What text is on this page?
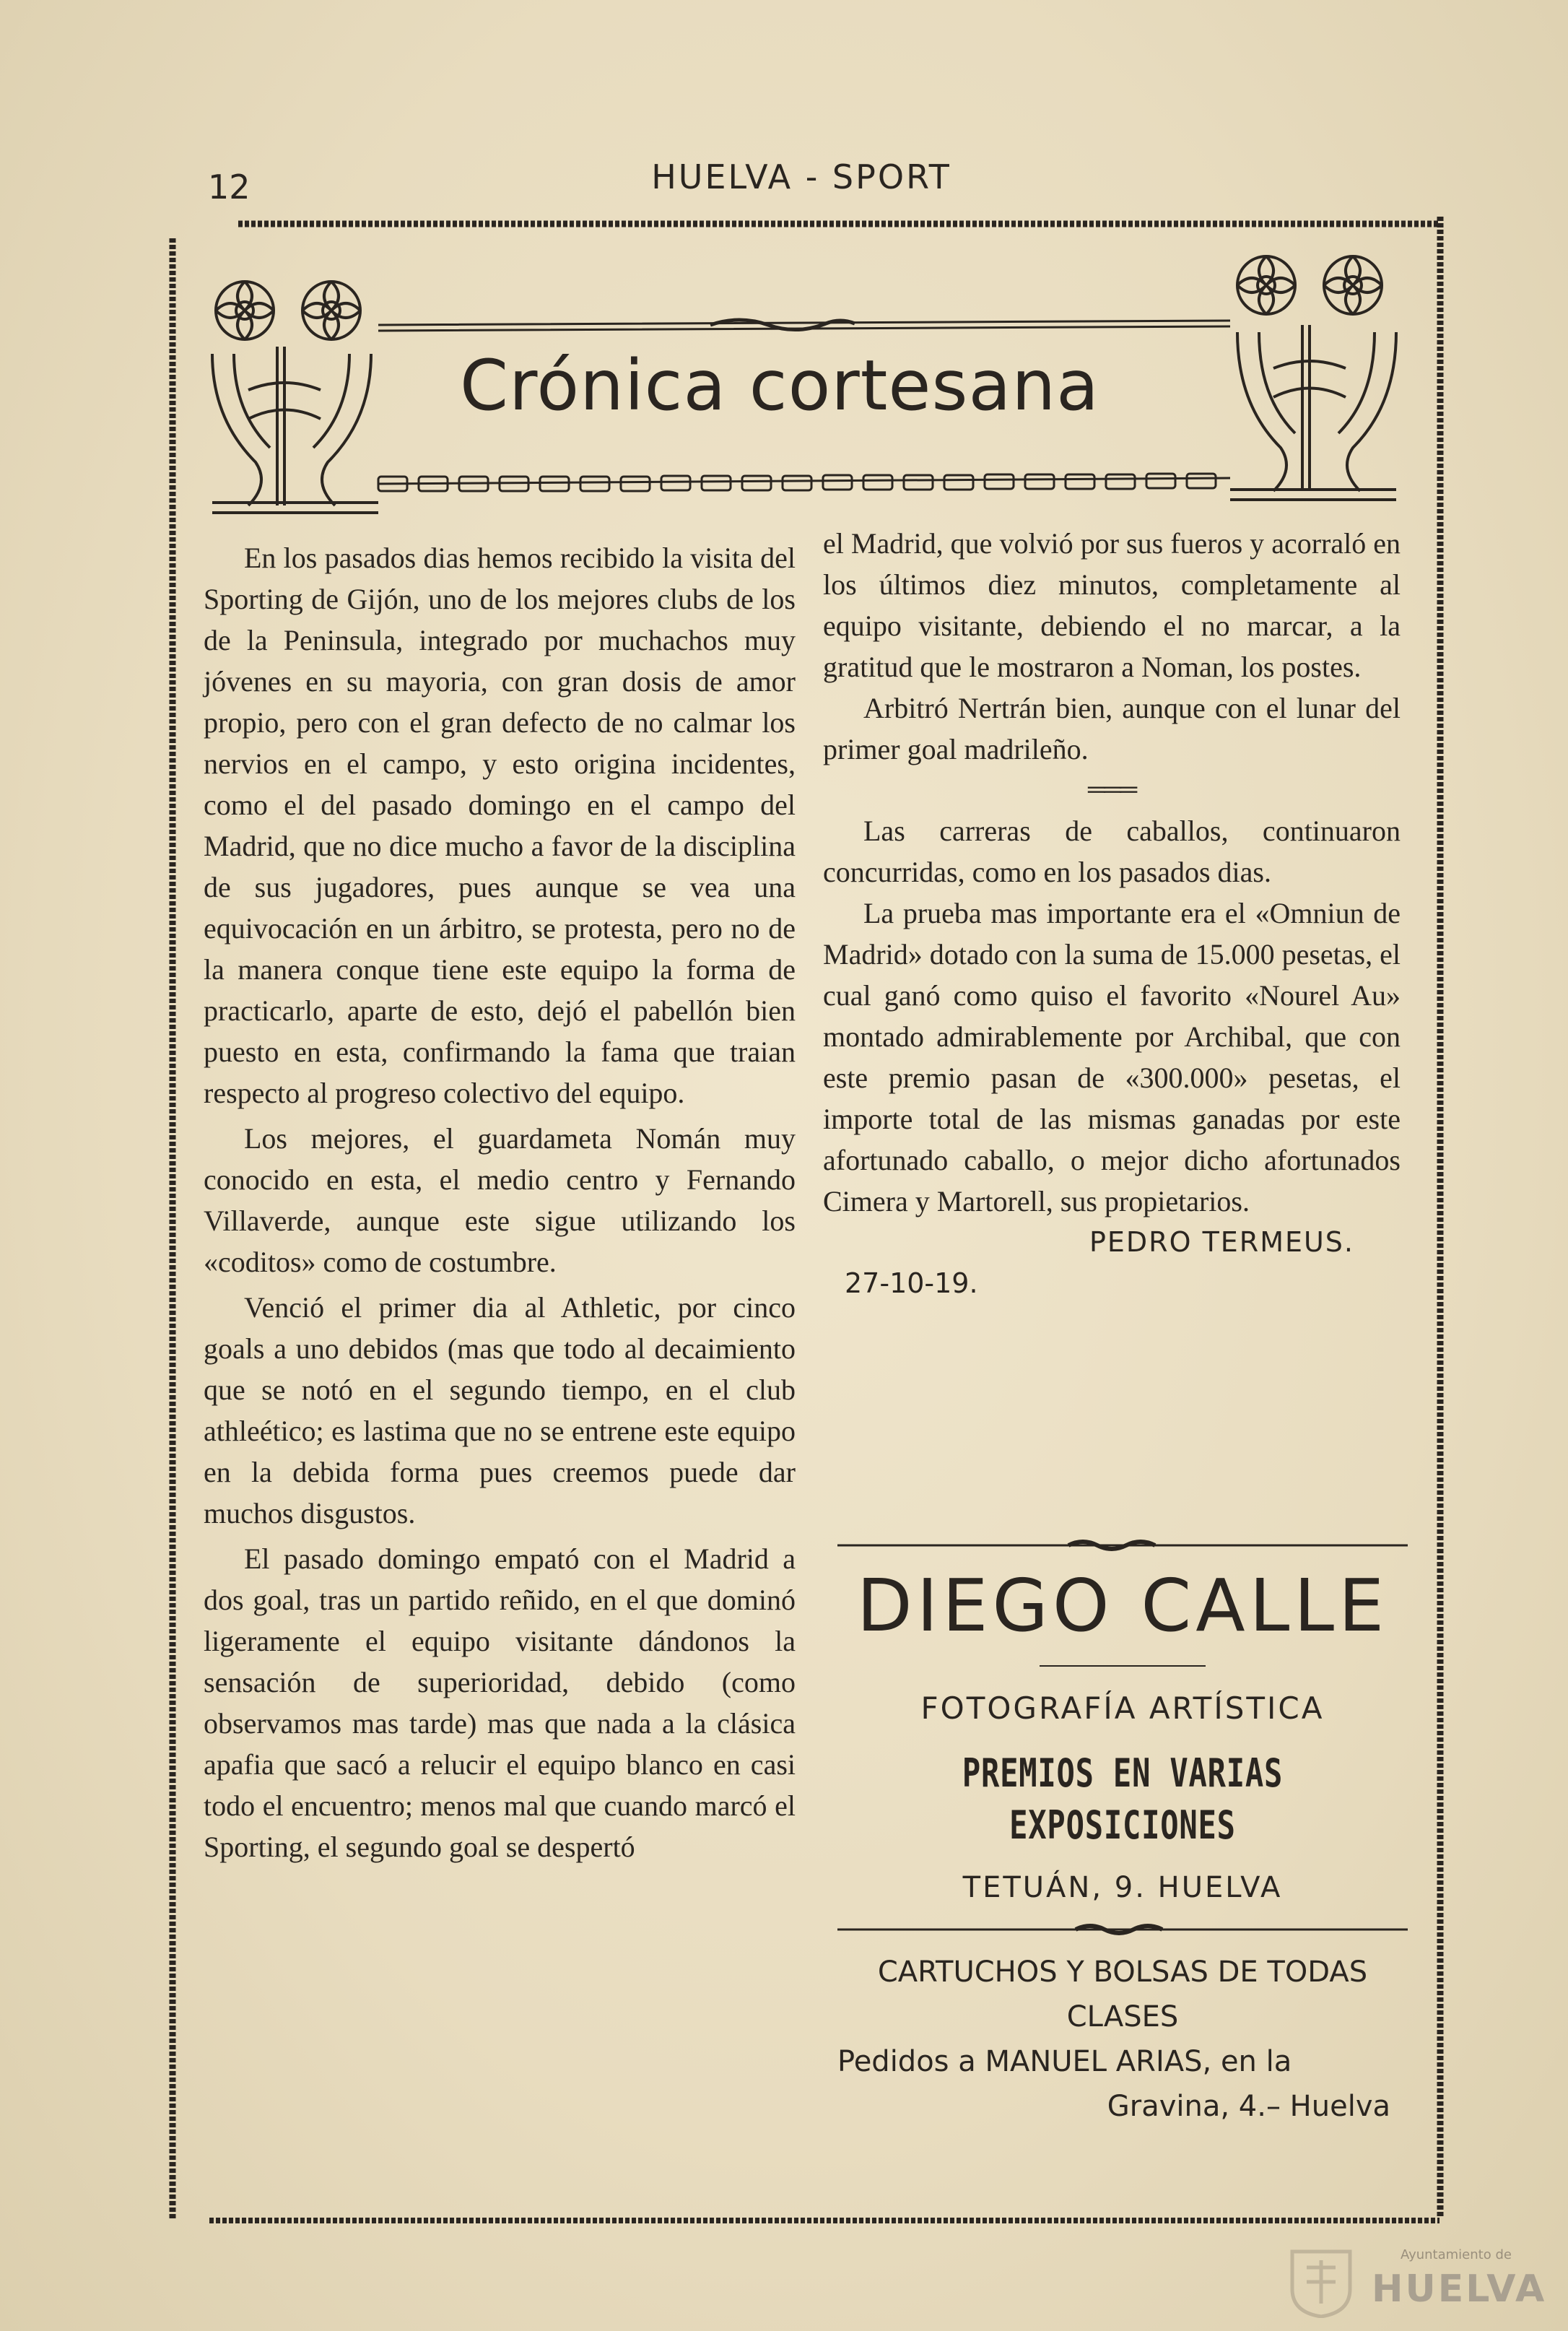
12	HUELVA - SPORT
Crónica cortesana

En los pasados dias hemos recibido la visita del Sporting de Gijón, uno de los mejores clubs de los de la Peninsula, integrado por muchachos muy jóvenes en su mayoria, con gran dosis de amor propio, pero con el gran defecto de no calmar los nervios en el campo, y esto origina incidentes, como el del pasado domingo en el campo del Madrid, que no dice mucho a favor de la disciplina de sus jugadores, pues aunque se vea una equivocación en un árbitro, se protesta, pero no de la manera conque tiene este equipo la forma de practicarlo, aparte de esto, dejó el pabellón bien puesto en esta, confirmando la fama que traian respecto al progreso colectivo del equipo.

Los mejores, el guardameta Nomán muy conocido en esta, el medio centro y Fernando Villaverde, aunque este sigue utilizando los «coditos» como de costumbre.

Venció el primer dia al Athletic, por cinco goals a uno debidos (mas que todo al decaimiento que se notó en el segundo tiempo, en el club athleético; es lastima que no se entrene este equipo en la debida forma pues creemos puede dar muchos disgustos.

El pasado domingo empató con el Madrid a dos goal, tras un partido reñido, en el que dominó ligeramente el equipo visitante dándonos la sensación de superioridad, debido (como observamos mas tarde) mas que nada a la clásica apafia que sacó a relucir el equipo blanco en casi todo el encuentro; menos mal que cuando marcó el Sporting, el segundo goal se despertó

el Madrid, que volvió por sus fueros y acorraló en los últimos diez minutos, completamente al equipo visitante, debiendo el no marcar, a la gratitud que le mostraron a Noman, los postes.

Arbitró Nertrán bien, aunque con el lunar del primer goal madrileño.

═══

Las carreras de caballos, continuaron concurridas, como en los pasados dias.

La prueba mas importante era el «Omniun de Madrid» dotado con la suma de 15.000 pesetas, el cual ganó como quiso el favorito «Nourel Au» montado admirablemente por Archibal, que con este premio pasan de «300.000» pesetas, el importe total de las mismas ganadas por este afortunado caballo, o mejor dicho afortunados Cimera y Martorell, sus propietarios.

PEDRO TERMEUS.

27-10-19.

DIEGO CALLE
FOTOGRAFÍA ARTÍSTICA
PREMIOS EN VARIAS EXPOSICIONES
TETUÁN, 9. HUELVA
CARTUCHOS Y BOLSAS DE TODAS CLASES
Pedidos a MANUEL ARIAS, en la
Gravina, 4.– Huelva
Ayuntamiento de
HUELVA
